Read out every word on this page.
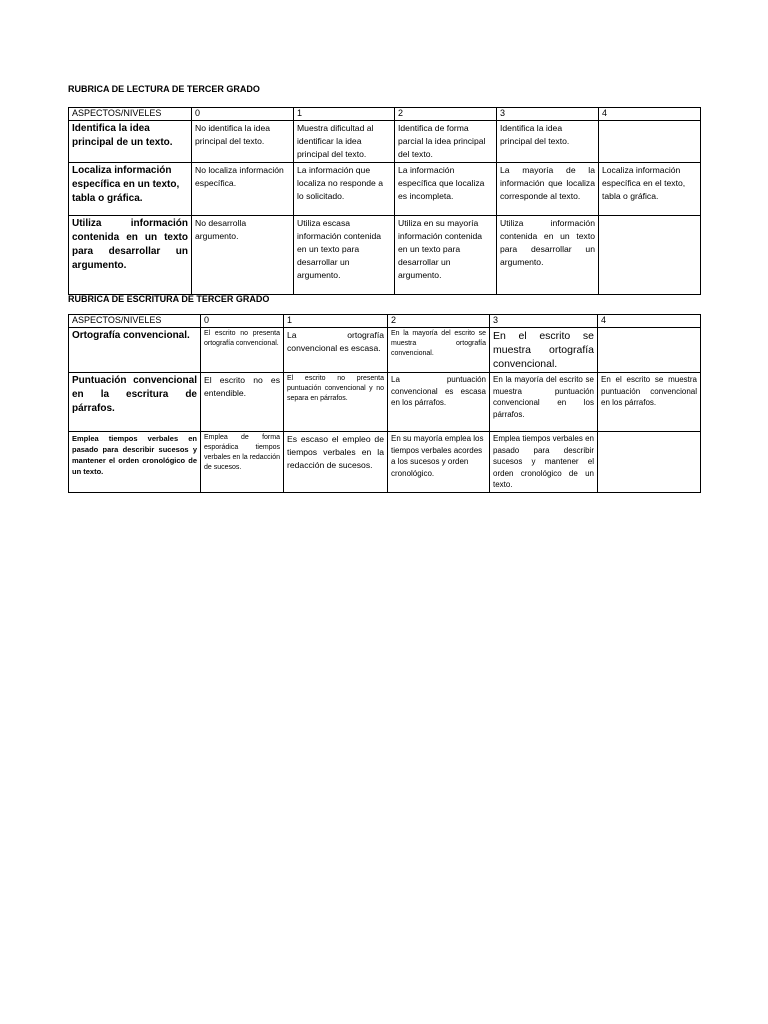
RUBRICA DE LECTURA DE TERCER GRADO
ASPECTOS/NIVELES	0	1	2	3	4
Identifica la idea principal de un texto.	No identifica la idea principal del texto.	Muestra dificultad al identificar la idea principal del texto.	Identifica de forma parcial la idea principal del texto.	Identifica la idea principal del texto.	
Localiza información específica en un texto, tabla o gráfica.	No localiza información específica.	La información que localiza no responde a lo solicitado.	La información específica que localiza es incompleta.	La mayoría de la información que localiza corresponde al texto.	Localiza información específica en el texto, tabla o gráfica.
Utiliza información contenida en un texto para desarrollar un argumento.	No desarrolla argumento.	Utiliza escasa información contenida en un texto para desarrollar un argumento.	Utiliza en su mayoría información contenida en un texto para desarrollar un argumento.	Utiliza información contenida en un texto para desarrollar un argumento.	
RUBRICA DE ESCRITURA DE TERCER GRADO
ASPECTOS/NIVELES	0	1	2	3	4
Ortografía convencional.	El escrito no presenta ortografía convencional.	La ortografía convencional es escasa.	En la mayoría del escrito se muestra ortografía convencional.	En el escrito se muestra ortografía convencional.	
Puntuación convencional en la escritura de párrafos.	El escrito no es entendible.	El escrito no presenta puntuación convencional y no separa en párrafos.	La puntuación convencional es escasa en los párrafos.	En la mayoría del escrito se muestra puntuación convencional en los párrafos.	En el escrito se muestra puntuación convencional en los párrafos.
Emplea tiempos verbales en pasado para describir sucesos y mantener el orden cronológico de un texto.	Emplea de forma esporádica tiempos verbales en la redacción de sucesos.	Es escaso el empleo de tiempos verbales en la redacción de sucesos.	En su mayoría emplea los tiempos verbales acordes a los sucesos y orden cronológico.	Emplea tiempos verbales en pasado para describir sucesos y mantener el orden cronológico de un texto.	
